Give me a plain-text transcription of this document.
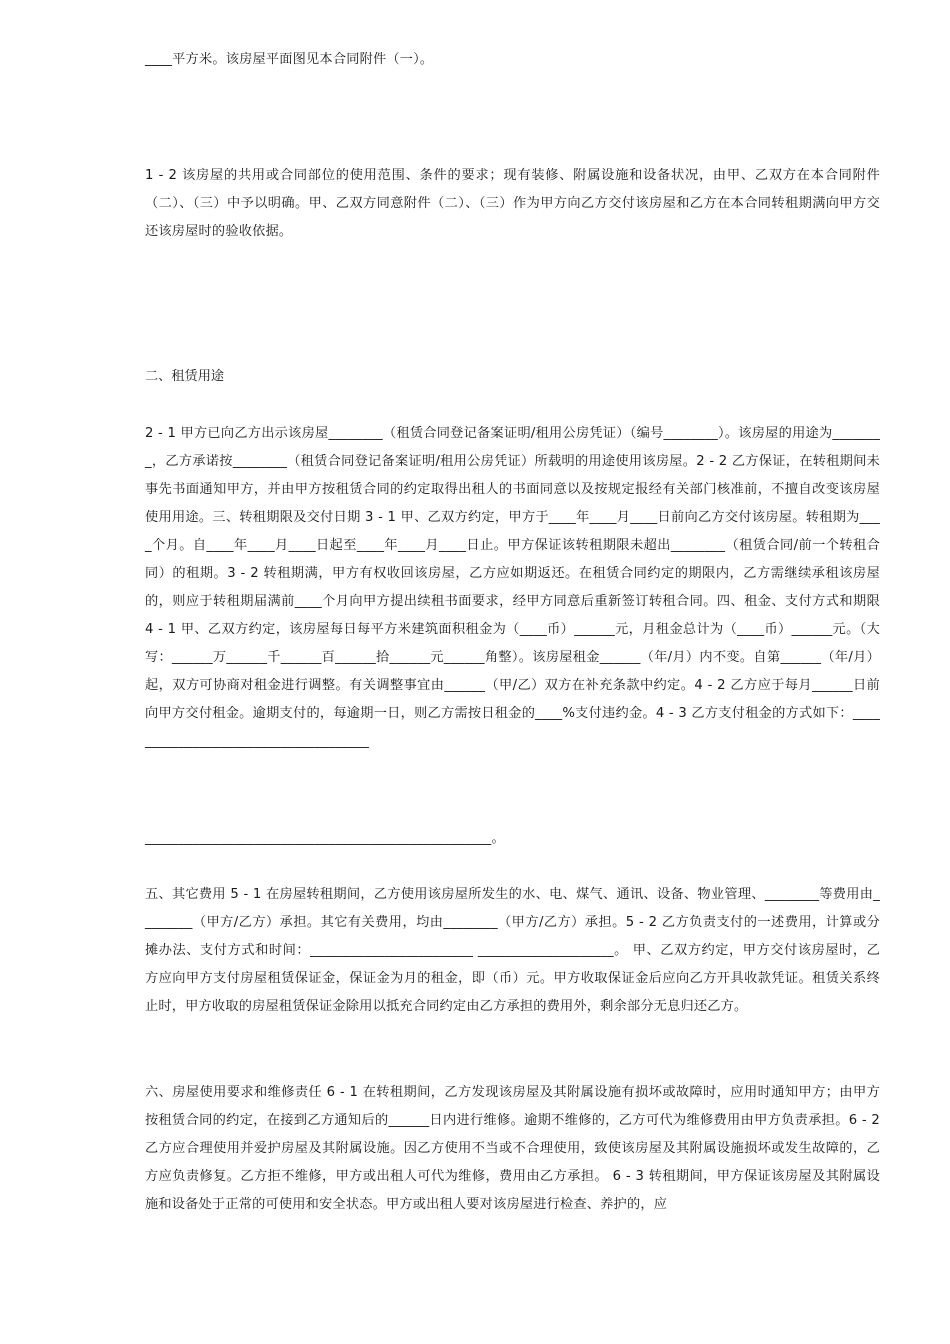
____平方米。该房屋平面图见本合同附件（一）。

1 - 2 该房屋的共用或合同部位的使用范围、条件的要求；现有装修、附属设施和设备状况，由甲、乙双方在本合同附件（二）、（三）中予以明确。甲、乙双方同意附件（二）、（三）作为甲方向乙方交付该房屋和乙方在本合同转租期满向甲方交还该房屋时的验收依据。

二、租赁用途

2 - 1 甲方已向乙方出示该房屋________（租赁合同登记备案证明/租用公房凭证）（编号________）。该房屋的用途为________，乙方承诺按________（租赁合同登记备案证明/租用公房凭证）所载明的用途使用该房屋。2 - 2 乙方保证，在转租期间未事先书面通知甲方，并由甲方按租赁合同的约定取得出租人的书面同意以及按规定报经有关部门核准前，不擅自改变该房屋使用用途。三、转租期限及交付日期 3 - 1 甲、乙双方约定，甲方于____年____月____日前向乙方交付该房屋。转租期为____个月。自____年____月____日起至____年____月____日止。甲方保证该转租期限未超出________（租赁合同/前一个转租合同）的租期。3 - 2 转租期满，甲方有权收回该房屋，乙方应如期返还。在租赁合同约定的期限内，乙方需继续承租该房屋的，则应于转租期届满前____个月向甲方提出续租书面要求，经甲方同意后重新签订转租合同。四、租金、支付方式和期限 4 - 1 甲、乙双方约定，该房屋每日每平方米建筑面积租金为（____币）______元，月租金总计为（____币）______元。（大写：______万______千______百______拾______元______角整）。该房屋租金______（年/月）内不变。自第______（年/月）起，双方可协商对租金进行调整。有关调整事宜由______（甲/乙）双方在补充条款中约定。4 - 2 乙方应于每月______日前向甲方交付租金。逾期支付的，每逾期一日，则乙方需按日租金的____%支付违约金。4 - 3 乙方支付租金的方式如下：_____________________________________

___________________________________________________。

五、其它费用 5 - 1 在房屋转租期间，乙方使用该房屋所发生的水、电、煤气、通讯、设备、物业管理、________等费用由________（甲方/乙方）承担。其它有关费用，均由________（甲方/乙方）承担。5 - 2 乙方负责支付的一述费用，计算或分摊办法、支付方式和时间：________________________ ____________________。 甲、乙双方约定，甲方交付该房屋时，乙方应向甲方支付房屋租赁保证金，保证金为月的租金，即（币）元。甲方收取保证金后应向乙方开具收款凭证。租赁关系终止时，甲方收取的房屋租赁保证金除用以抵充合同约定由乙方承担的费用外，剩余部分无息归还乙方。

六、房屋使用要求和维修责任 6 - 1 在转租期间，乙方发现该房屋及其附属设施有损坏或故障时，应用时通知甲方；由甲方按租赁合同的约定，在接到乙方通知后的______日内进行维修。逾期不维修的，乙方可代为维修费用由甲方负责承担。6 - 2 乙方应合理使用并爱护房屋及其附属设施。因乙方使用不当或不合理使用，致使该房屋及其附属设施损坏或发生故障的，乙方应负责修复。乙方拒不维修，甲方或出租人可代为维修，费用由乙方承担。 6 - 3 转租期间，甲方保证该房屋及其附属设施和设备处于正常的可使用和安全状态。甲方或出租人要对该房屋进行检查、养护的，应
